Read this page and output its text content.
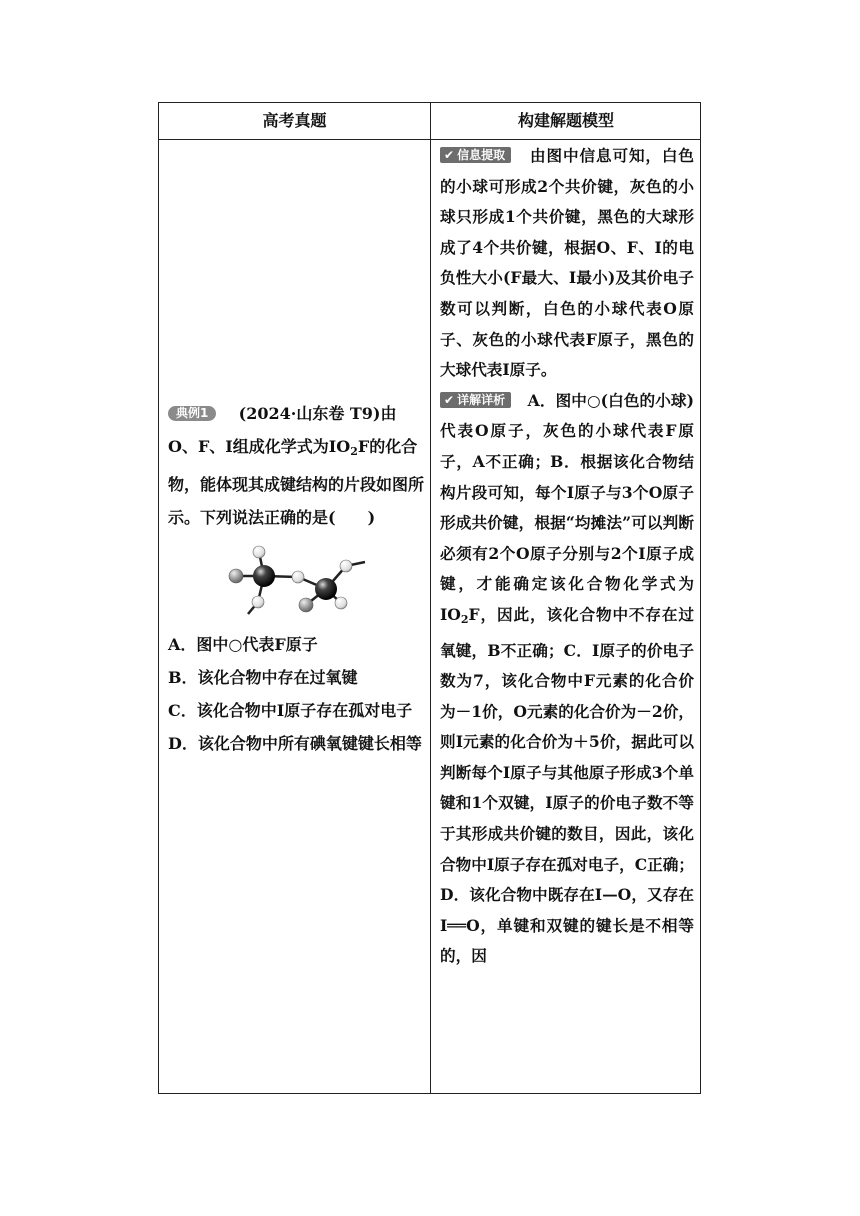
高考真题	构建解题模型

典例1 (2024·山东卷 T9)由O、F、I组成化学式为$IO_2F$的化合物，能体现其成键结构的片段如图所示。下列说法正确的是(　　)

A．图中○代表F原子
B．该化合物中存在过氧键
C．该化合物中I原子存在孤对电子
D．该化合物中所有碘氧键键长相等

✔ 信息提取 由图中信息可知，白色的小球可形成2个共价键，灰色的小球只形成1个共价键，黑色的大球形成了4个共价键，根据O、F、I的电负性大小(F最大、I最小)及其价电子数可以判断，白色的小球代表O原子、灰色的小球代表F原子，黑色的大球代表I原子。

✔ 详解详析 A．图中○(白色的小球)代表O原子，灰色的小球代表F原子，A不正确；B．根据该化合物结构片段可知，每个I原子与3个O原子形成共价键，根据“均摊法”可以判断必须有2个O原子分别与2个I原子成键，才能确定该化合物化学式为$IO_2F$，因此，该化合物中不存在过氧键，B不正确；C．I原子的价电子数为7，该化合物中F元素的化合价为－1价，O元素的化合价为－2价，则I元素的化合价为＋5价，据此可以判断每个I原子与其他原子形成3个单键和1个双键，I原子的价电子数不等于其形成共价键的数目，因此，该化合物中I原子存在孤对电子，C正确；D．该化合物中既存在I—O，又存在I══O，单键和双键的键长是不相等的，因
